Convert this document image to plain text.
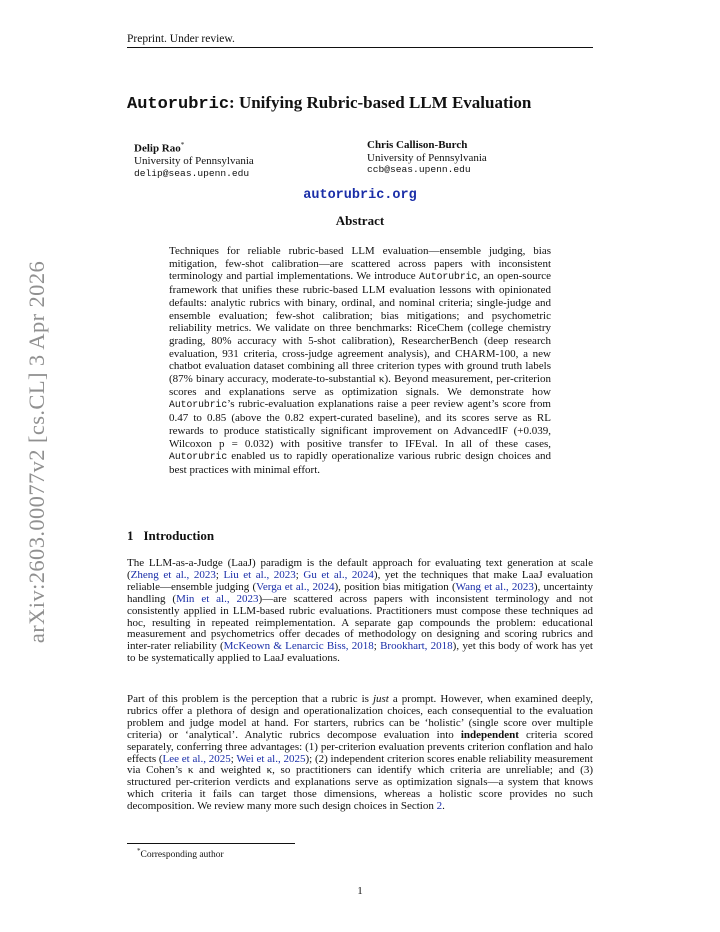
Preprint. Under review.
Autorubric: Unifying Rubric-based LLM Evaluation
Delip Rao*
University of Pennsylvania
delip@seas.upenn.edu
Chris Callison-Burch
University of Pennsylvania
ccb@seas.upenn.edu
autorubric.org
Abstract
Techniques for reliable rubric-based LLM evaluation—ensemble judging, bias mitigation, few-shot calibration—are scattered across papers with inconsistent terminology and partial implementations. We introduce Autorubric, an open-source framework that unifies these rubric-based LLM evaluation lessons with opinionated defaults: analytic rubrics with binary, ordinal, and nominal criteria; single-judge and ensemble evaluation; few-shot calibration; bias mitigations; and psychometric reliability metrics. We validate on three benchmarks: RiceChem (college chemistry grading, 80% accuracy with 5-shot calibration), ResearcherBench (deep research evaluation, 931 criteria, cross-judge agreement analysis), and CHARM-100, a new chatbot evaluation dataset combining all three criterion types with ground truth labels (87% binary accuracy, moderate-to-substantial κ). Beyond measurement, per-criterion scores and explanations serve as optimization signals. We demonstrate how Autorubric’s rubric-evaluation explanations raise a peer review agent’s score from 0.47 to 0.85 (above the 0.82 expert-curated baseline), and its scores serve as RL rewards to produce statistically significant improvement on AdvancedIF (+0.039, Wilcoxon p = 0.032) with positive transfer to IFEval. In all of these cases, Autorubric enabled us to rapidly operationalize various rubric design choices and best practices with minimal effort.
1 Introduction
The LLM-as-a-Judge (LaaJ) paradigm is the default approach for evaluating text generation at scale (Zheng et al., 2023; Liu et al., 2023; Gu et al., 2024), yet the techniques that make LaaJ evaluation reliable—ensemble judging (Verga et al., 2024), position bias mitigation (Wang et al., 2023), uncertainty handling (Min et al., 2023)—are scattered across papers with inconsistent terminology and not consistently applied in LLM-based rubric evaluations. Practitioners must compose these techniques ad hoc, resulting in repeated reimplementation. A separate gap compounds the problem: educational measurement and psychometrics offer decades of methodology on designing and scoring rubrics and inter-rater reliability (McKeown & Lenarcic Biss, 2018; Brookhart, 2018), yet this body of work has yet to be systematically applied to LaaJ evaluations.
Part of this problem is the perception that a rubric is just a prompt. However, when examined deeply, rubrics offer a plethora of design and operationalization choices, each consequential to the evaluation problem and judge model at hand. For starters, rubrics can be ‘holistic’ (single score over multiple criteria) or ‘analytical’. Analytic rubrics decompose evaluation into independent criteria scored separately, conferring three advantages: (1) per-criterion evaluation prevents criterion conflation and halo effects (Lee et al., 2025; Wei et al., 2025); (2) independent criterion scores enable reliability measurement via Cohen’s κ and weighted κ, so practitioners can identify which criteria are unreliable; and (3) structured per-criterion verdicts and explanations serve as optimization signals—a system that knows which criteria it fails can target those dimensions, whereas a holistic score provides no such decomposition. We review many more such design choices in Section 2.
*Corresponding author
1
arXiv:2603.00077v2 [cs.CL] 3 Apr 2026
